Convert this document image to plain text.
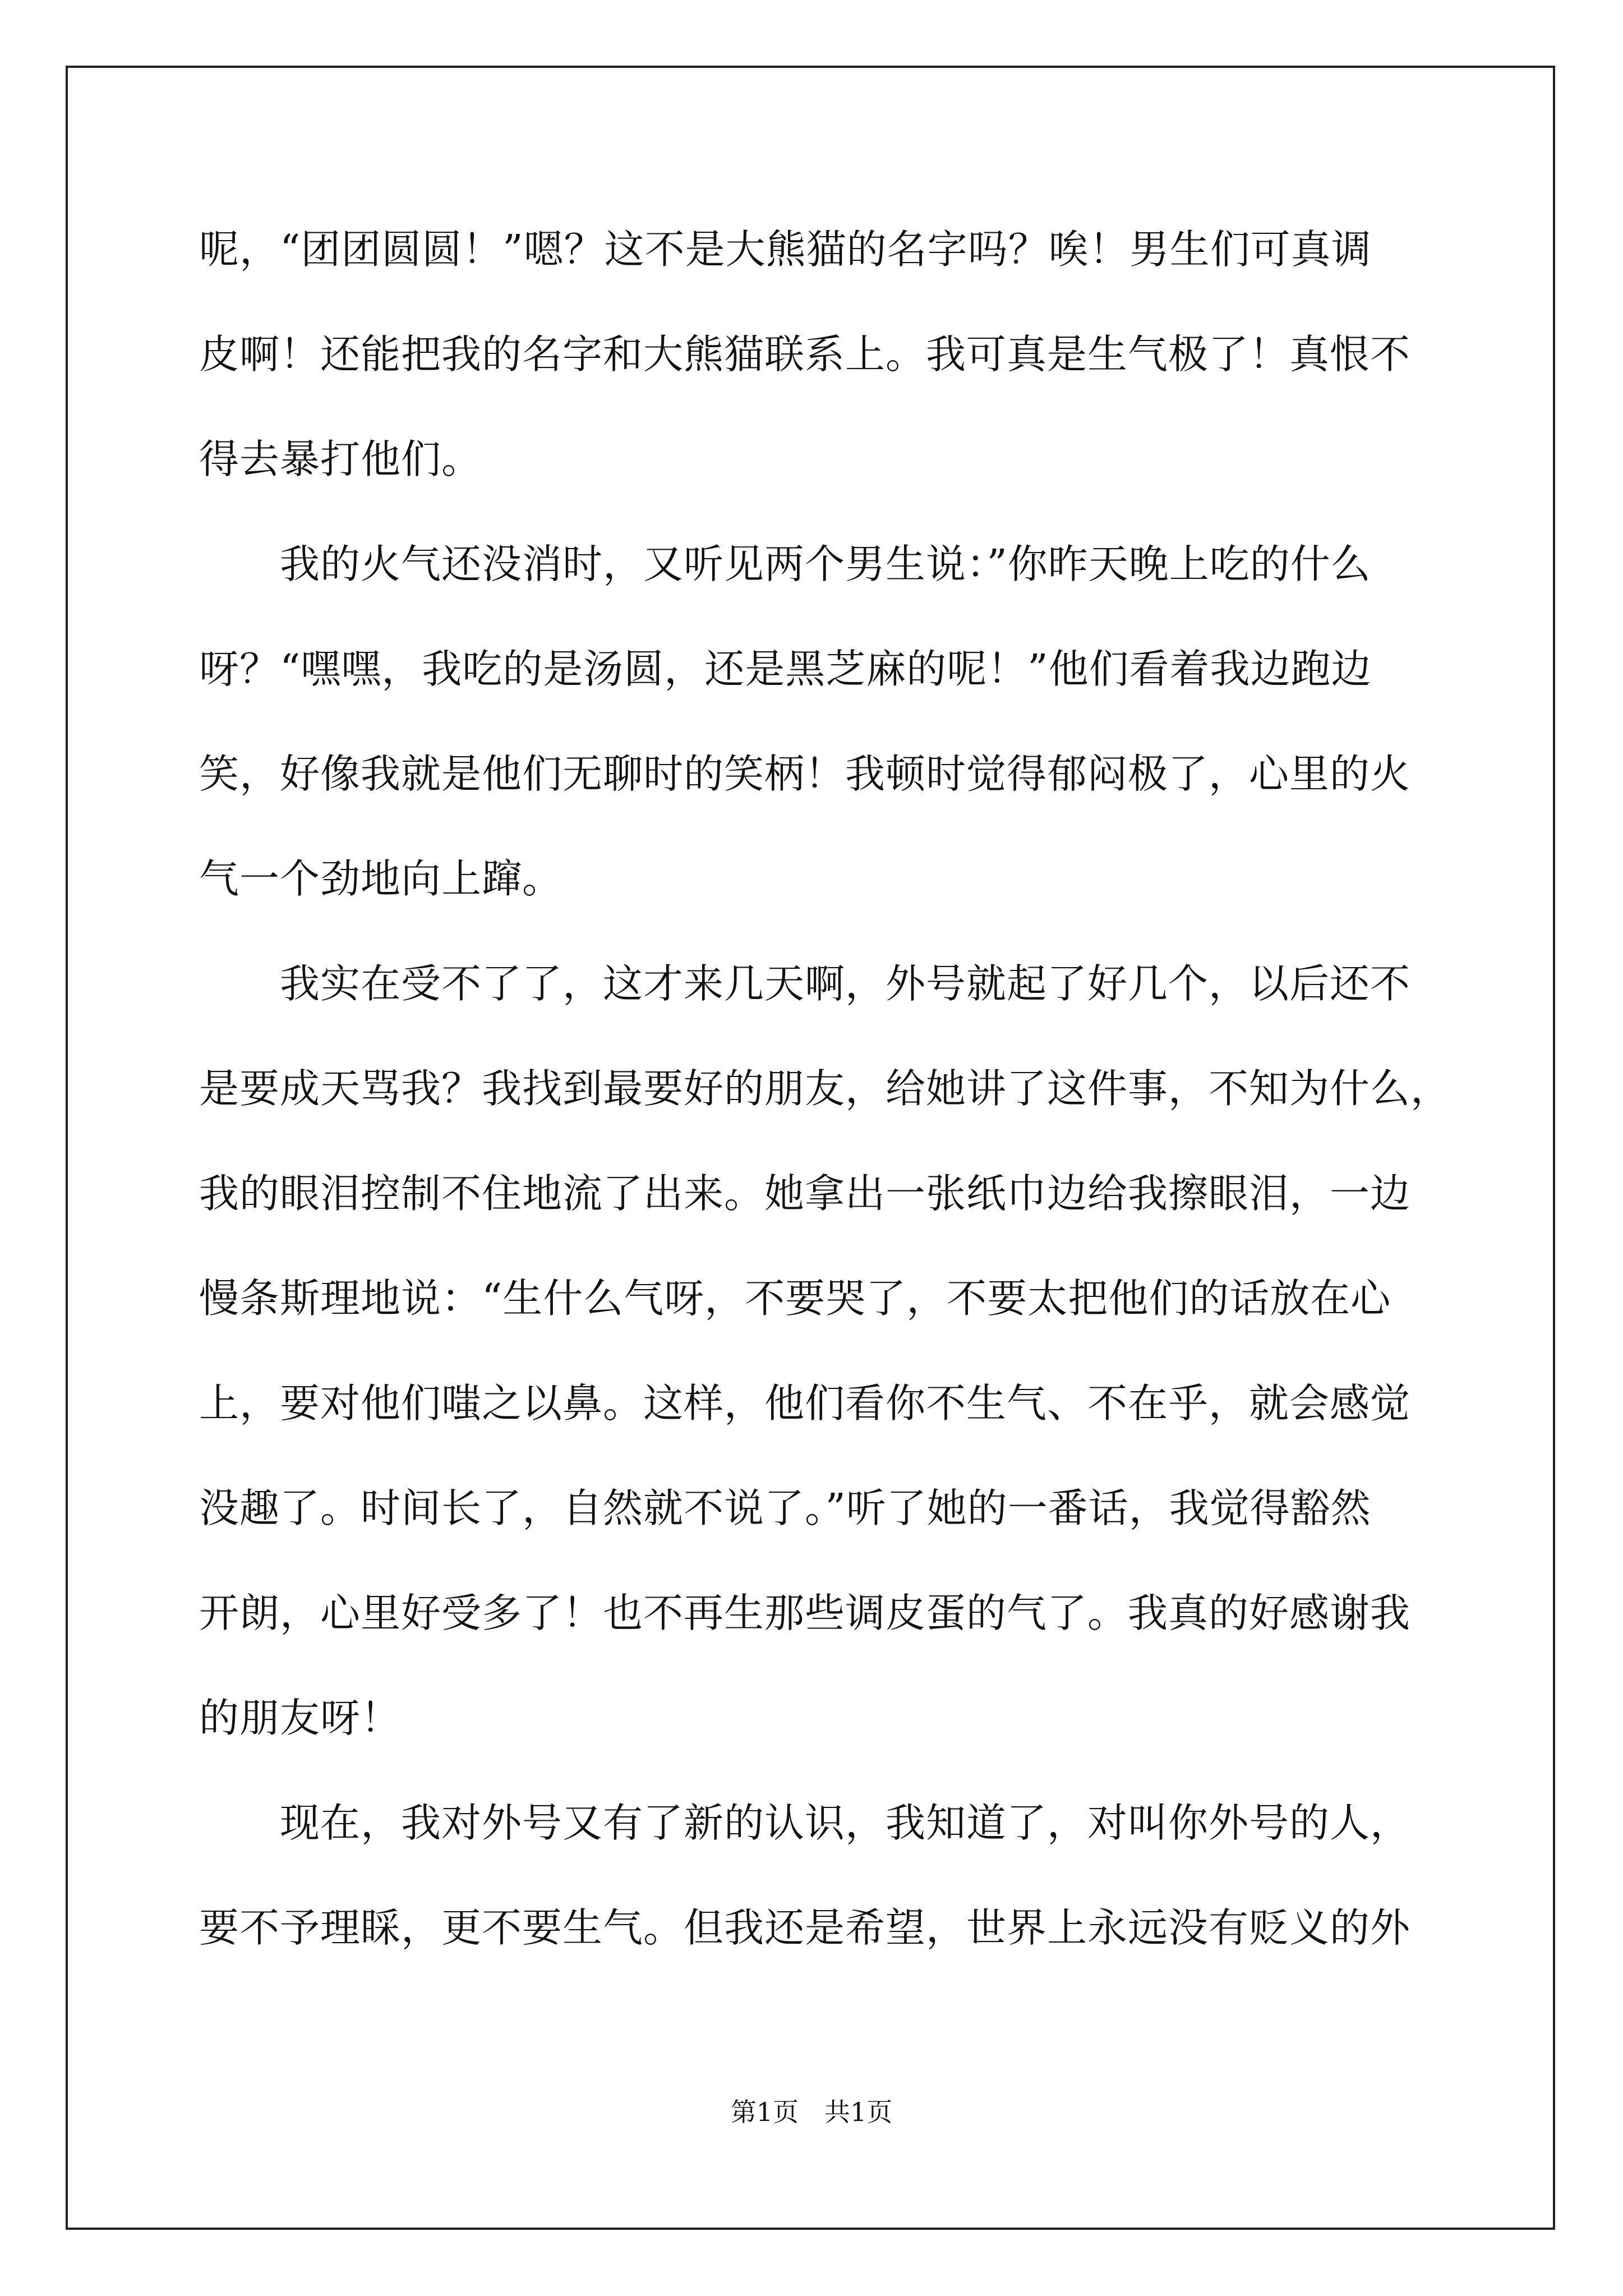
呢，“团团圆圆！”嗯？这不是大熊猫的名字吗？唉！男生们可真调
皮啊！还能把我的名字和大熊猫联系上。我可真是生气极了！真恨不
得去暴打他们。
　　我的火气还没消时，又听见两个男生说：”你昨天晚上吃的什么
呀？“嘿嘿，我吃的是汤圆，还是黑芝麻的呢！”他们看着我边跑边
笑，好像我就是他们无聊时的笑柄！我顿时觉得郁闷极了，心里的火
气一个劲地向上蹿。
　　我实在受不了了，这才来几天啊，外号就起了好几个，以后还不
是要成天骂我？我找到最要好的朋友，给她讲了这件事，不知为什么，
我的眼泪控制不住地流了出来。她拿出一张纸巾边给我擦眼泪，一边
慢条斯理地说：“生什么气呀，不要哭了，不要太把他们的话放在心
上，要对他们嗤之以鼻。这样，他们看你不生气、不在乎，就会感觉
没趣了。时间长了，自然就不说了。”听了她的一番话，我觉得豁然
开朗，心里好受多了！也不再生那些调皮蛋的气了。我真的好感谢我
的朋友呀！
　　现在，我对外号又有了新的认识，我知道了，对叫你外号的人，
要不予理睬，更不要生气。但我还是希望，世界上永远没有贬义的外
第1页　共1页
